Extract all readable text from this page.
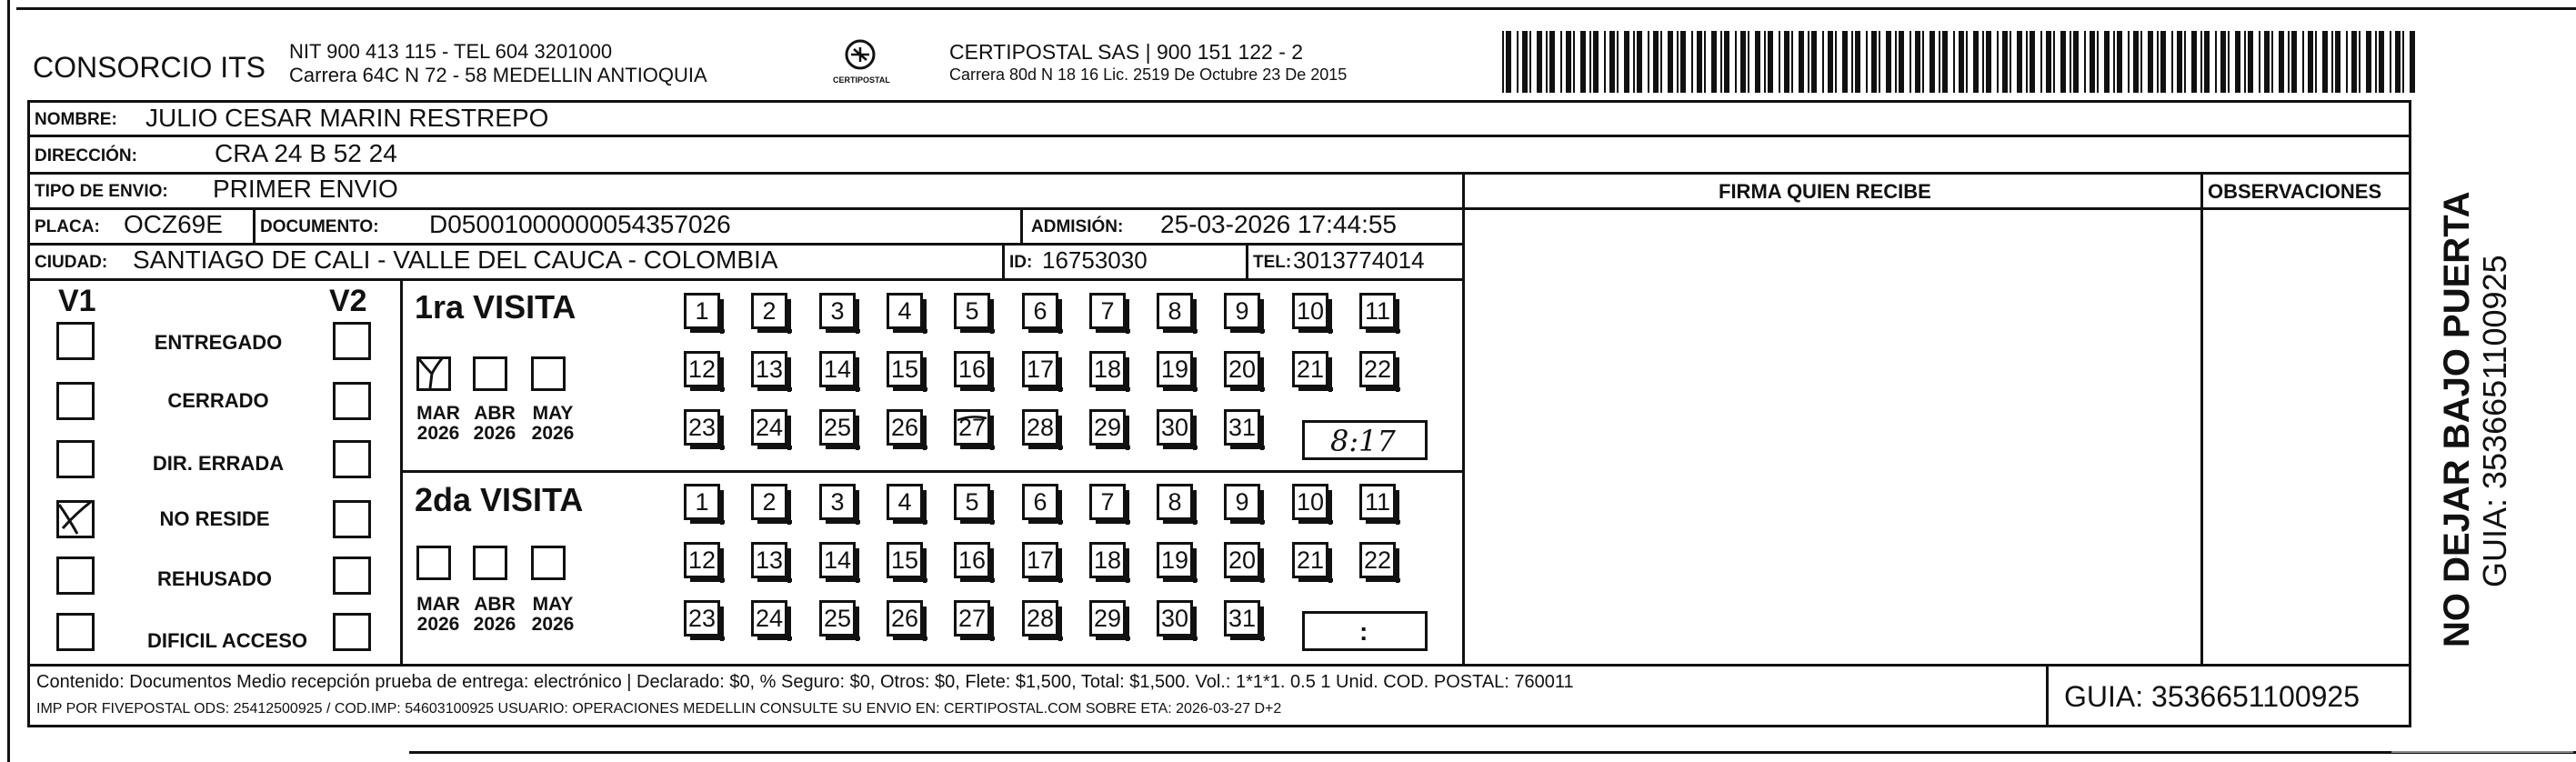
CONSORCIO ITS NIT 900 413 115 - TEL 604 3201000
Carrera 64C N 72 - 58 MEDELLIN ANTIOQUIA	CERTIPOSTAL
CERTIPOSTAL SAS | 900 151 122 - 2
Carrera 80d N 18 16 Lic. 2519 De Octubre 23 De 2015
NOMBRE: JULIO CESAR MARIN RESTREPO
DIRECCIÓN:	CRA 24 B 52 24
TIPO DE ENVIO: PRIMER ENVIO	FIRMA QUIEN RECIBE	OBSERVACIONES
PLACA: OCZ69E DOCUMENTO: D05001000000054357026	ADMISIÓN: 25-03-2026 17:44:55
CIUDAD: SANTIAGO DE CALI - VALLE DEL CAUCA - COLOMBIA	ID: 16753030	TEL: 3013774014
V1	V2
ENTREGADO
CERRADO
DIR. ERRADA
NO RESIDE
REHUSADO
DIFICIL ACCESO
1ra VISITA
MAR
2026
ABR
2026
MAY
2026
1	2	3	4	5	6	7	8	9	10 11
12 13 14 15 16 17 18 19 20 21 22
23 24 25 26 27 28 29 30 31	8:17
2da VISITA
MAR
2026
ABR
2026
MAY
2026
1	2	3	4	5	6	7	8	9	10 11
12 13 14 15 16 17 18 19 20 21 22
23 24 25 26 27 28 29 30 31	:
Contenido: Documentos Medio recepción prueba de entrega: electrónico | Declarado: $0, % Seguro: $0, Otros: $0, Flete: $1,500, Total: $1,500. Vol.: 1*1*1. 0.5 1 Unid. COD. POSTAL: 760011
IMP POR FIVEPOSTAL ODS: 25412500925 / COD.IMP: 54603100925 USUARIO: OPERACIONES MEDELLIN CONSULTE SU ENVIO EN: CERTIPOSTAL.COM SOBRE ETA: 2026-03-27 D+2	GUIA: 3536651100925
NO DEJAR BAJO PUERTA GUIA: 3536651100925
